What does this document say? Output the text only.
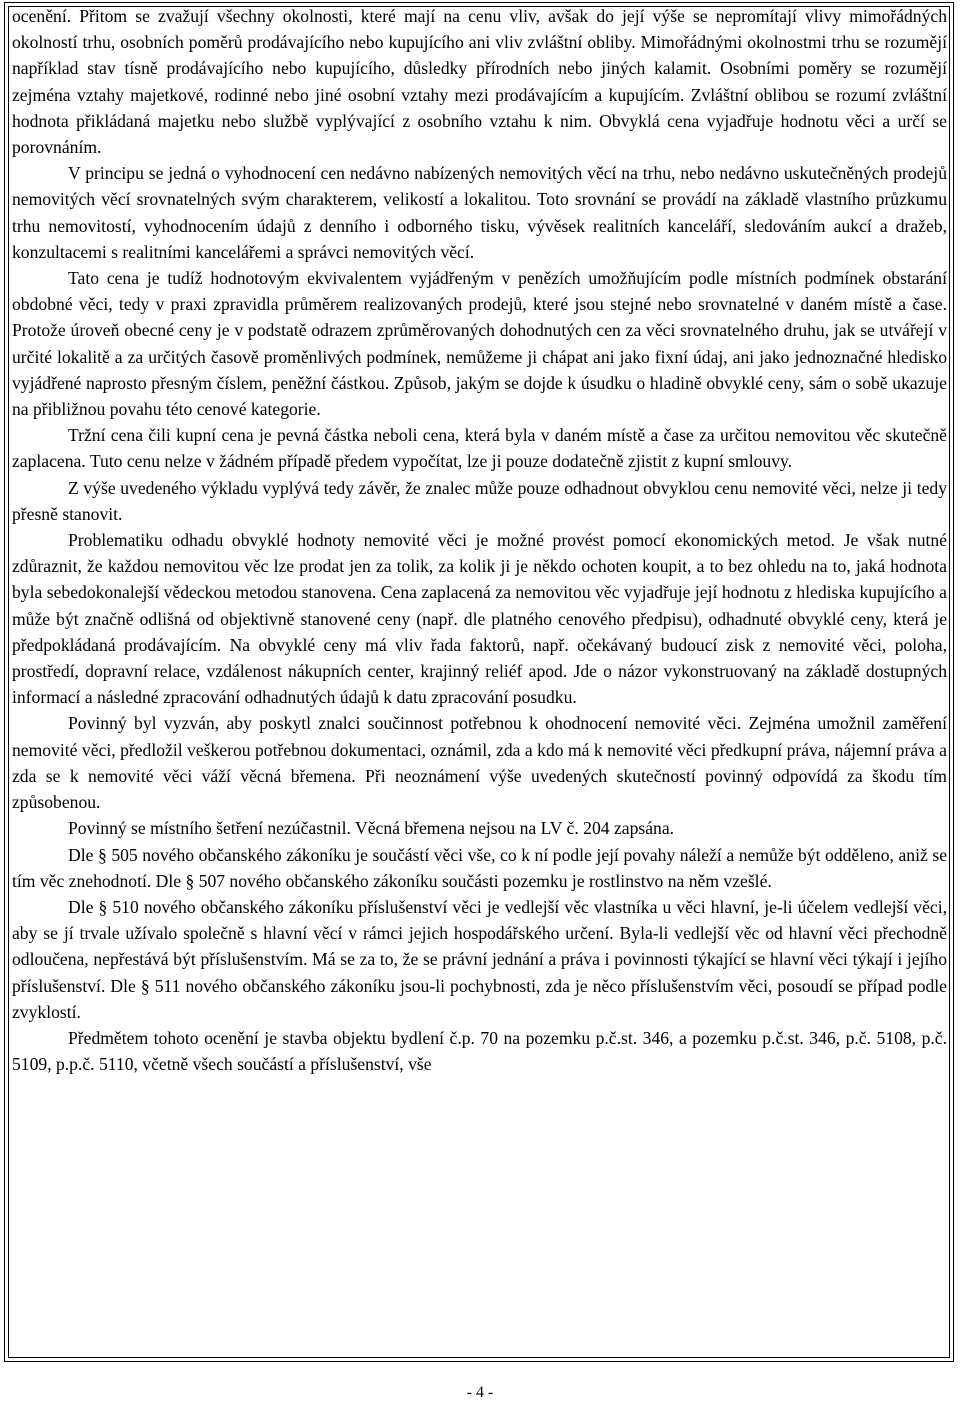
ocenění. Přitom se zvažují všechny okolnosti, které mají na cenu vliv, avšak do její výše se nepromítají vlivy mimořádných okolností trhu, osobních poměrů prodávajícího nebo kupujícího ani vliv zvláštní obliby. Mimořádnými okolnostmi trhu se rozumějí například stav tísně prodávajícího nebo kupujícího, důsledky přírodních nebo jiných kalamit. Osobními poměry se rozumějí zejména vztahy majetkové, rodinné nebo jiné osobní vztahy mezi prodávajícím a kupujícím. Zvláštní oblibou se rozumí zvláštní hodnota přikládaná majetku nebo službě vyplývající z osobního vztahu k nim. Obvyklá cena vyjadřuje hodnotu věci a určí se porovnáním.

V principu se jedná o vyhodnocení cen nedávno nabízených nemovitých věcí na trhu, nebo nedávno uskutečněných prodejů nemovitých věcí srovnatelných svým charakterem, velikostí a lokalitou. Toto srovnání se provádí na základě vlastního průzkumu trhu nemovitostí, vyhodnocením údajů z denního i odborného tisku, vývěsek realitních kanceláří, sledováním aukcí a dražeb, konzultacemi s realitními kancelářemi a správci nemovitých věcí.

Tato cena je tudíž hodnotovým ekvivalentem vyjádřeným v penězích umožňujícím podle místních podmínek obstarání obdobné věci, tedy v praxi zpravidla průměrem realizovaných prodejů, které jsou stejné nebo srovnatelné v daném místě a čase. Protože úroveň obecné ceny je v podstatě odrazem zprůměrovaných dohodnutých cen za věci srovnatelného druhu, jak se utvářejí v určité lokalitě a za určitých časově proměnlivých podmínek, nemůžeme ji chápat ani jako fixní údaj, ani jako jednoznačné hledisko vyjádřené naprosto přesným číslem, peněžní částkou. Způsob, jakým se dojde k úsudku o hladině obvyklé ceny, sám o sobě ukazuje na přibližnou povahu této cenové kategorie.

Tržní cena čili kupní cena je pevná částka neboli cena, která byla v daném místě a čase za určitou nemovitou věc skutečně zaplacena. Tuto cenu nelze v žádném případě předem vypočítat, lze ji pouze dodatečně zjistit z kupní smlouvy.

Z výše uvedeného výkladu vyplývá tedy závěr, že znalec může pouze odhadnout obvyklou cenu nemovité věci, nelze ji tedy přesně stanovit.

Problematiku odhadu obvyklé hodnoty nemovité věci je možné provést pomocí ekonomických metod. Je však nutné zdůraznit, že každou nemovitou věc lze prodat jen za tolik, za kolik ji je někdo ochoten koupit, a to bez ohledu na to, jaká hodnota byla sebedokonalejší vědeckou metodou stanovena. Cena zaplacená za nemovitou věc vyjadřuje její hodnotu z hlediska kupujícího a může být značně odlišná od objektivně stanovené ceny (např. dle platného cenového předpisu), odhadnuté obvyklé ceny, která je předpokládaná prodávajícím. Na obvyklé ceny má vliv řada faktorů, např. očekávaný budoucí zisk z nemovité věci, poloha, prostředí, dopravní relace, vzdálenost nákupních center, krajinný reliéf apod. Jde o názor vykonstruovaný na základě dostupných informací a následné zpracování odhadnutých údajů k datu zpracování posudku.

Povinný byl vyzván, aby poskytl znalci součinnost potřebnou k ohodnocení nemovité věci. Zejména umožnil zaměření nemovité věci, předložil veškerou potřebnou dokumentaci, oznámil, zda a kdo má k nemovité věci předkupní práva, nájemní práva a zda se k nemovité věci váží věcná břemena. Při neoznámení výše uvedených skutečností povinný odpovídá za škodu tím způsobenou.

Povinný se místního šetření nezúčastnil. Věcná břemena nejsou na LV č. 204 zapsána.

Dle § 505 nového občanského zákoníku je součástí věci vše, co k ní podle její povahy náleží a nemůže být odděleno, aniž se tím věc znehodnotí. Dle § 507 nového občanského zákoníku součásti pozemku je rostlinstvo na něm vzešlé.

Dle § 510 nového občanského zákoníku příslušenství věci je vedlejší věc vlastníka u věci hlavní, je-li účelem vedlejší věci, aby se jí trvale užívalo společně s hlavní věcí v rámci jejich hospodářského určení. Byla-li vedlejší věc od hlavní věci přechodně odloučena, nepřestává být příslušenstvím. Má se za to, že se právní jednání a práva i povinnosti týkající se hlavní věci týkají i jejího příslušenství. Dle § 511 nového občanského zákoníku jsou-li pochybnosti, zda je něco příslušenstvím věci, posoudí se případ podle zvyklostí.

Předmětem tohoto ocenění je stavba objektu bydlení č.p. 70 na pozemku p.č.st. 346, a pozemku p.č.st. 346, p.č. 5108, p.č. 5109, p.p.č. 5110, včetně všech součástí a příslušenství, vše

- 4 -
